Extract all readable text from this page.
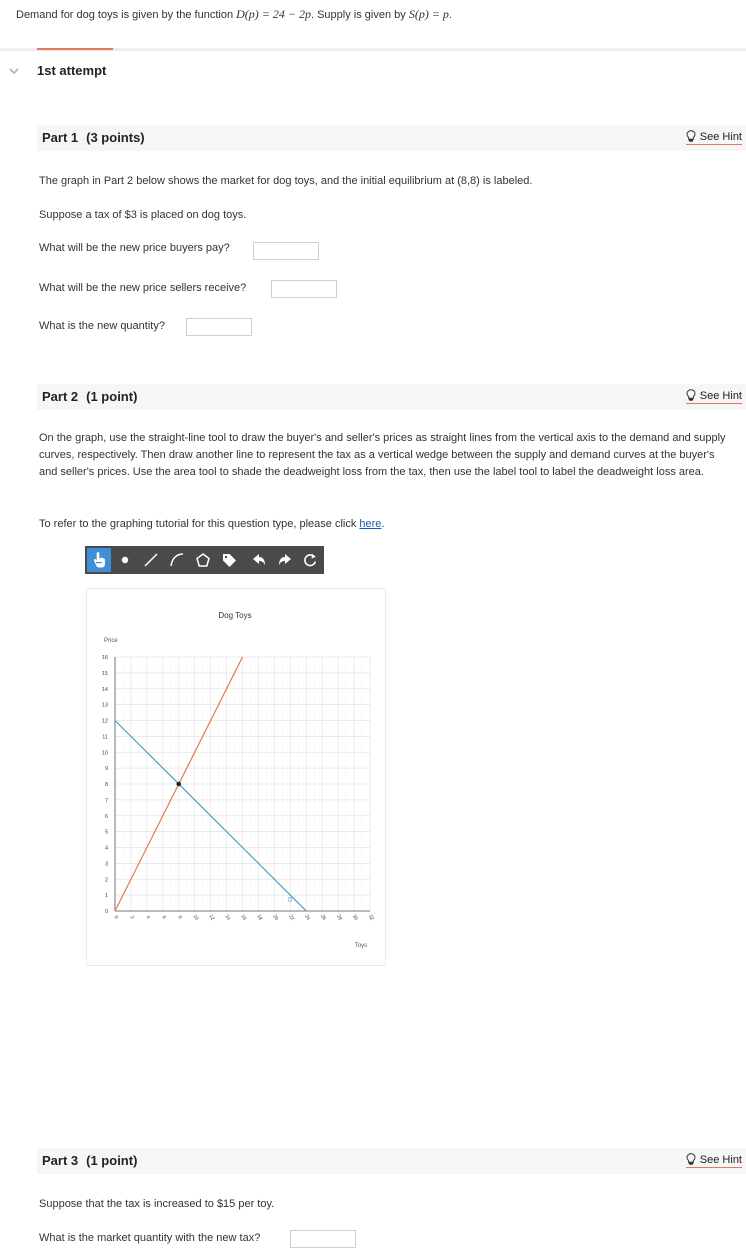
Demand for dog toys is given by the function D(p) = 24 − 2p. Supply is given by S(p) = p.
1st attempt
Part 1 (3 points)	See Hint
The graph in Part 2 below shows the market for dog toys, and the initial equilibrium at (8,8) is labeled.
Suppose a tax of $3 is placed on dog toys.
What will be the new price buyers pay?
What will be the new price sellers receive?
What is the new quantity?
Part 2 (1 point)	See Hint
On the graph, use the straight-line tool to draw the buyer's and seller's prices as straight lines from the vertical axis to the demand and supply curves, respectively. Then draw another line to represent the tax as a vertical wedge between the supply and demand curves at the buyer's and seller's prices. Use the area tool to shade the deadweight loss from the tax, then use the label tool to label the deadweight loss area.
To refer to the graphing tutorial for this question type, please click here.
Dog Toys
Price
Toys
0
1
2
3
4
5
6
7
8
9
10
11
12
13
14
15
16
0 2 4 6 8 10 12 14 16 18 20 22 24 26 28 30 32
D
Part 3 (1 point)	See Hint
Suppose that the tax is increased to $15 per toy.
What is the market quantity with the new tax?
